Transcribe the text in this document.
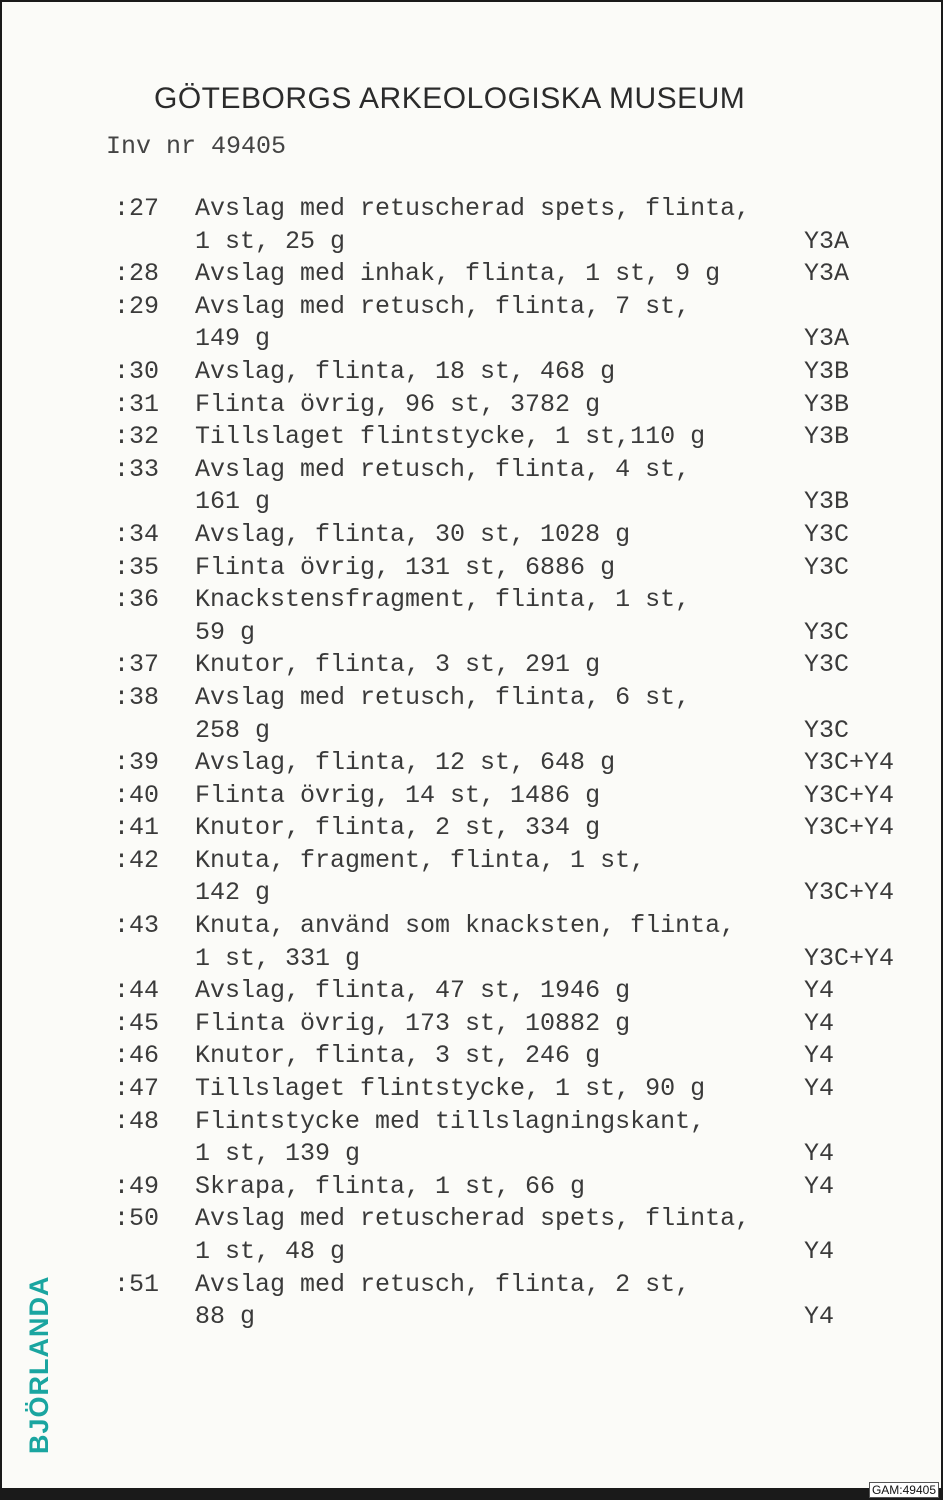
GÖTEBORGS ARKEOLOGISKA MUSEUM
Inv nr 49405
:27 Avslag med retuscherad spets, flinta,
1 st, 25 g	Y3A
:28 Avslag med inhak, flinta, 1 st, 9 g	Y3A
:29 Avslag med retusch, flinta, 7 st,
149 g	Y3A
:30 Avslag, flinta, 18 st, 468 g	Y3B
:31 Flinta övrig, 96 st, 3782 g	Y3B
:32 Tillslaget flintstycke, 1 st,110 g	Y3B
:33 Avslag med retusch, flinta, 4 st,
161 g	Y3B
:34 Avslag, flinta, 30 st, 1028 g	Y3C
:35 Flinta övrig, 131 st, 6886 g	Y3C
:36 Knackstensfragment, flinta, 1 st,
59 g	Y3C
:37 Knutor, flinta, 3 st, 291 g	Y3C
:38 Avslag med retusch, flinta, 6 st,
258 g	Y3C
:39 Avslag, flinta, 12 st, 648 g	Y3C+Y4
:40 Flinta övrig, 14 st, 1486 g	Y3C+Y4
:41 Knutor, flinta, 2 st, 334 g	Y3C+Y4
:42 Knuta, fragment, flinta, 1 st,
142 g	Y3C+Y4
:43 Knuta, använd som knacksten, flinta,
1 st, 331 g	Y3C+Y4
:44 Avslag, flinta, 47 st, 1946 g	Y4
:45 Flinta övrig, 173 st, 10882 g	Y4
:46 Knutor, flinta, 3 st, 246 g	Y4
:47 Tillslaget flintstycke, 1 st, 90 g	Y4
:48 Flintstycke med tillslagningskant,
1 st, 139 g	Y4
:49 Skrapa, flinta, 1 st, 66 g	Y4
:50 Avslag med retuscherad spets, flinta,
1 st, 48 g	Y4
:51 Avslag med retusch, flinta, 2 st,
88 g	Y4
BJÖRLANDA
GAM:49405
